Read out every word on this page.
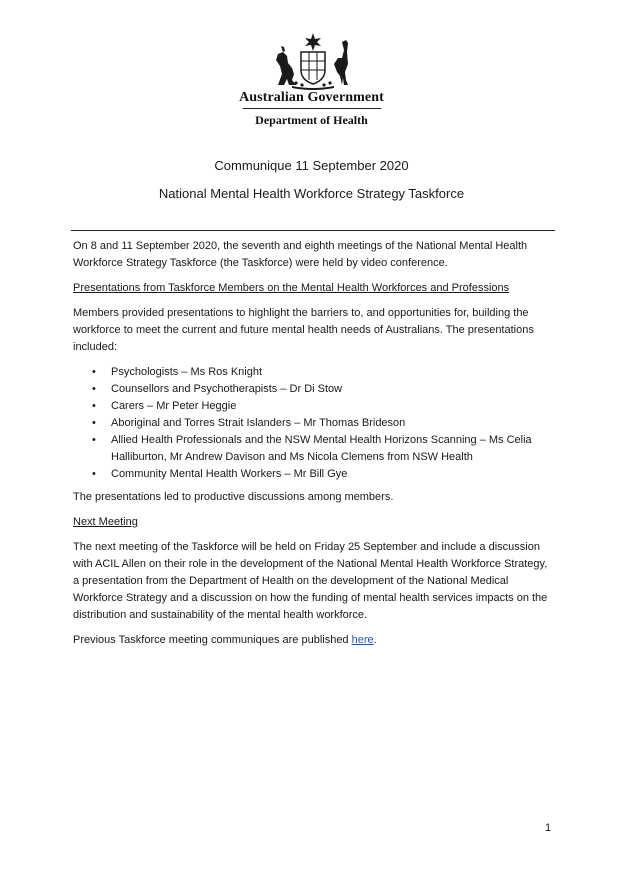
Australian Government
Department of Health
Communique 11 September 2020
National Mental Health Workforce Strategy Taskforce

On 8 and 11 September 2020, the seventh and eighth meetings of the National Mental Health Workforce Strategy Taskforce (the Taskforce) were held by video conference.

Presentations from Taskforce Members on the Mental Health Workforces and Professions

Members provided presentations to highlight the barriers to, and opportunities for, building the workforce to meet the current and future mental health needs of Australians. The presentations included:

• Psychologists – Ms Ros Knight
• Counsellors and Psychotherapists – Dr Di Stow
• Carers – Mr Peter Heggie
• Aboriginal and Torres Strait Islanders – Mr Thomas Brideson
• Allied Health Professionals and the NSW Mental Health Horizons Scanning – Ms Celia Halliburton, Mr Andrew Davison and Ms Nicola Clemens from NSW Health
• Community Mental Health Workers – Mr Bill Gye

The presentations led to productive discussions among members.

Next Meeting

The next meeting of the Taskforce will be held on Friday 25 September and include a discussion with ACIL Allen on their role in the development of the National Mental Health Workforce Strategy, a presentation from the Department of Health on the development of the National Medical Workforce Strategy and a discussion on how the funding of mental health services impacts on the distribution and sustainability of the mental health workforce.

Previous Taskforce meeting communiques are published here.

1
